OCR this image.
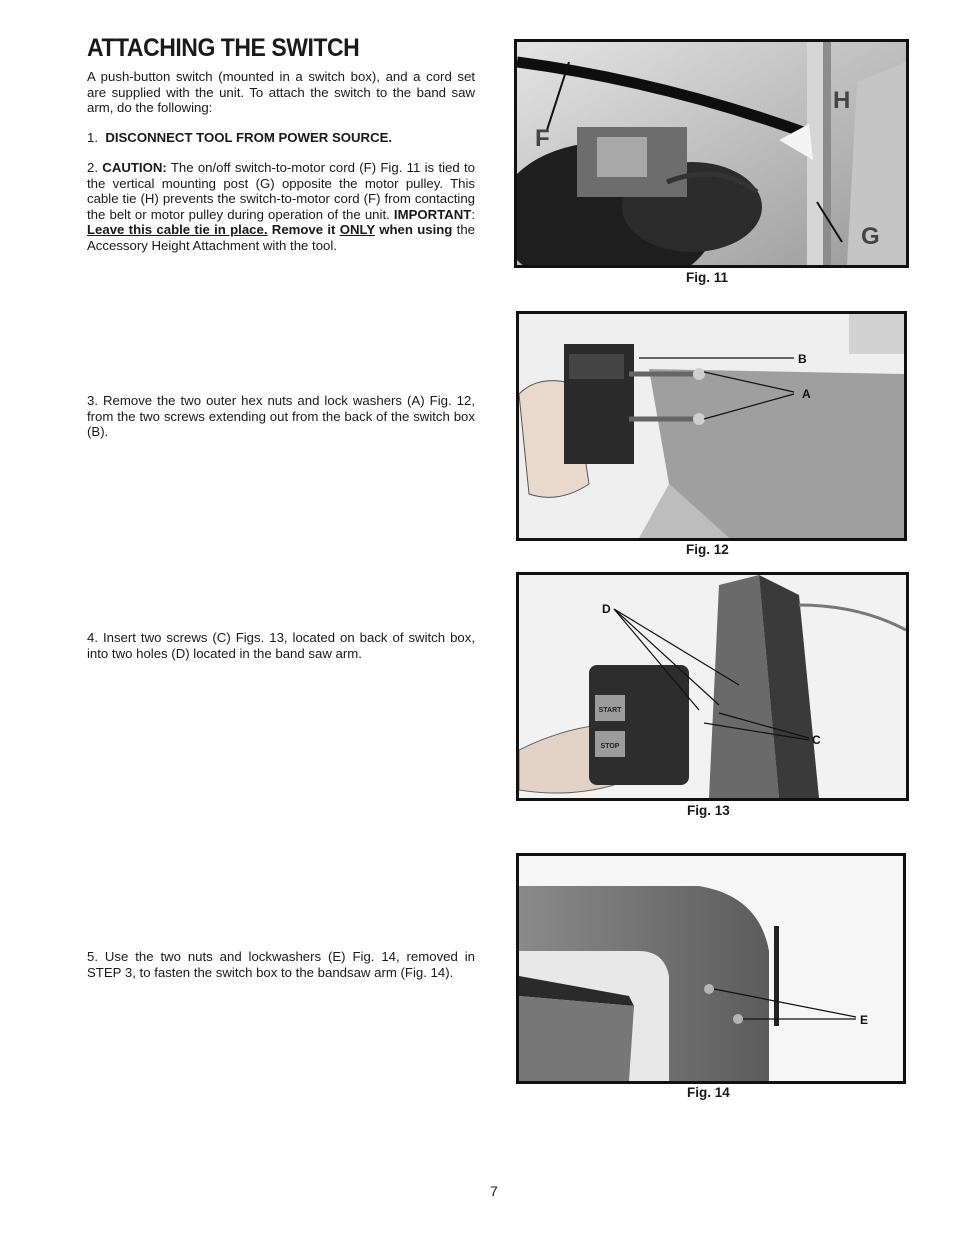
ATTACHING THE SWITCH

A push-button switch (mounted in a switch box), and a cord set are supplied with the unit. To attach the switch to the band saw arm, do the following:

1. DISCONNECT TOOL FROM POWER SOURCE.

2. CAUTION: The on/off switch-to-motor cord (F) Fig. 11 is tied to the vertical mounting post (G) opposite the motor pulley. This cable tie (H) prevents the switch-to-motor cord (F) from contacting the belt or motor pulley during operation of the unit. IMPORTANT: Leave this cable tie in place. Remove it ONLY when using the Accessory Height Attachment with the tool.

3. Remove the two outer hex nuts and lock washers (A) Fig. 12, from the two screws extending out from the back of the switch box (B).

4. Insert two screws (C) Figs. 13, located on back of switch box, into two holes (D) located in the band saw arm.

5. Use the two nuts and lockwashers (E) Fig. 14, removed in STEP 3, to fasten the switch box to the bandsaw arm (Fig. 14).

F
H
G
Fig. 11
B
A
Fig. 12
START
STOP
D
C
Fig. 13
E
Fig. 14
7
